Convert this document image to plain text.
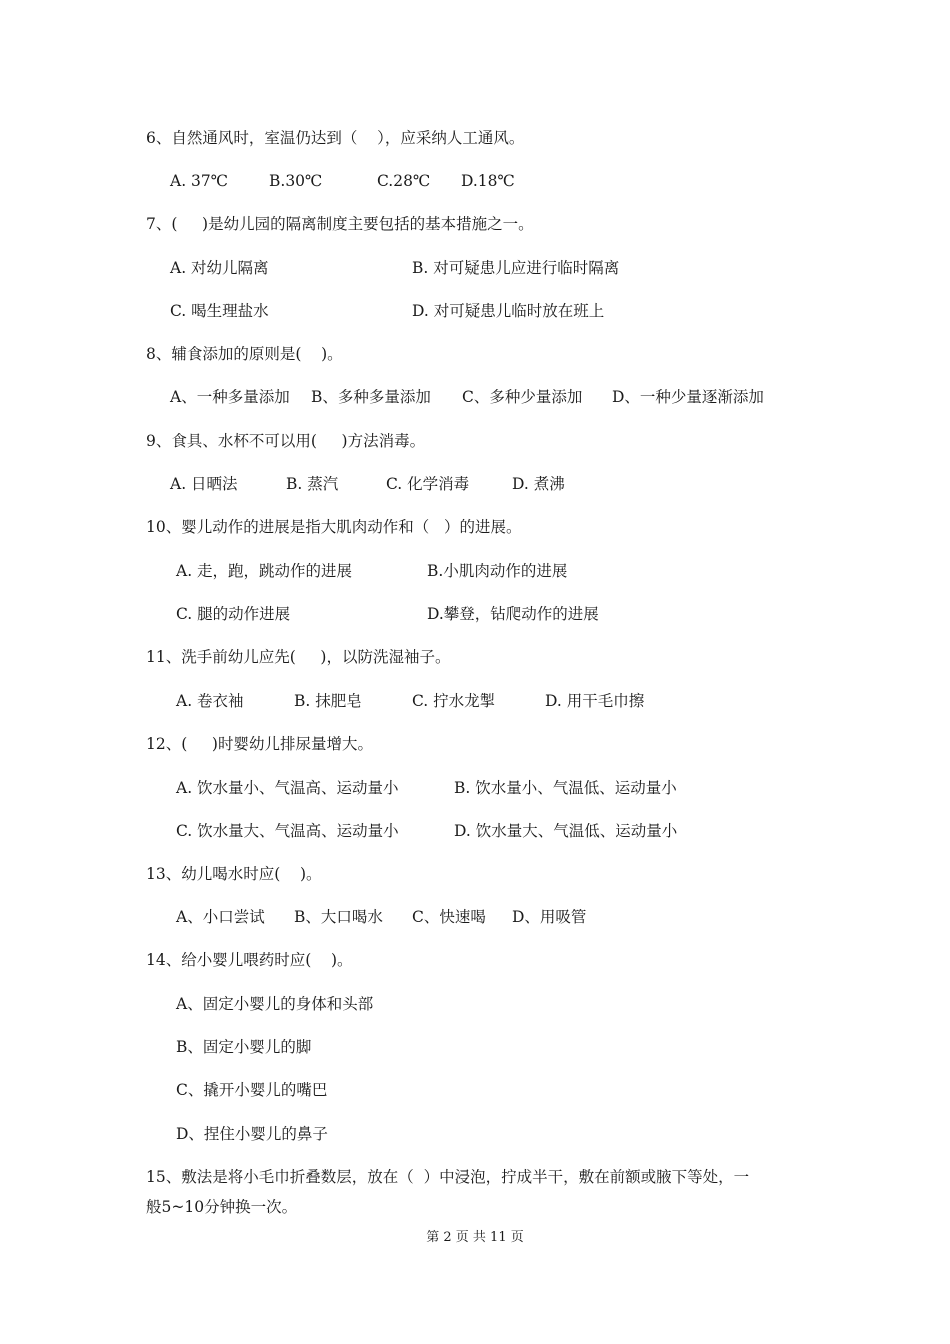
6、自然通风时，室温仍达到（    ），应采纳人工通风。
A. 37℃	B.30℃	C.28℃ D.18℃
7、(     )是幼儿园的隔离制度主要包括的基本措施之一。
A. 对幼儿隔离	B. 对可疑患儿应进行临时隔离
C. 喝生理盐水	D. 对可疑患儿临时放在班上
8、辅食添加的原则是(    )。
A、一种多量添加 B、多种多量添加 C、多种少量添加 D、一种少量逐渐添加
9、食具、水杯不可以用(     )方法消毒。
A. 日晒法	B. 蒸汽	C. 化学消毒	D. 煮沸
10、婴儿动作的进展是指大肌肉动作和（   ）的进展。
A. 走，跑，跳动作的进展	B.小肌肉动作的进展
C. 腿的动作进展	D.攀登，钻爬动作的进展
11、洗手前幼儿应先(     )，以防洗湿袖子。
A. 卷衣袖	B. 抹肥皂	C. 拧水龙掣	D. 用干毛巾擦
12、(     )时婴幼儿排尿量增大。
A. 饮水量小、气温高、运动量小	B. 饮水量小、气温低、运动量小
C. 饮水量大、气温高、运动量小	D. 饮水量大、气温低、运动量小
13、幼儿喝水时应(    )。
A、小口尝试 B、大口喝水 C、快速喝 D、用吸管
14、给小婴儿喂药时应(    )。
A、固定小婴儿的身体和头部
B、固定小婴儿的脚
C、撬开小婴儿的嘴巴
D、捏住小婴儿的鼻子
15、敷法是将小毛巾折叠数层，放在（  ）中浸泡，拧成半干，敷在前额或腋下等处，一
般5~10分钟换一次。
第 2 页 共 11 页
